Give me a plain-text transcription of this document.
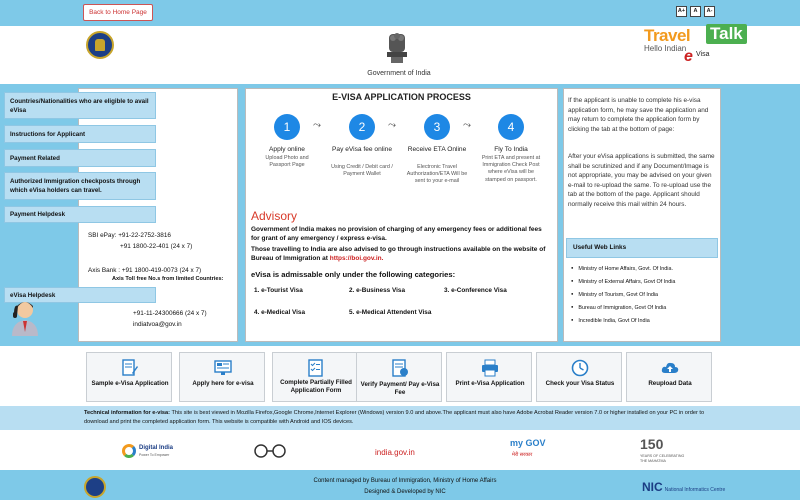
Back to Home Page	A+	A	A-
Government of India
Travel Talk
Hello Indian
e Visa
Countries/Nationalities who are eligible to avail eVisa
Instructions for Applicant
Payment Related
Authorized Immigration checkposts through which eVisa holders can travel.
Payment Helpdesk
SBI ePay: +91-22-2752-3816
+91 1800-22-401 (24 x 7)
Axis Bank : +91 1800-419-0073 (24 x 7)
Axis Toll free No.s from limited Countries:
eVisa Helpdesk
+91-11-24300666 (24 x 7)
indiatvoa@gov.in
E-VISA APPLICATION PROCESS
1
Apply online
Upload Photo and Passport Page
⤳	2
Pay eVisa fee online
Using Credit / Debit card / Payment Wallet
⤳	3
Receive ETA Online
Electronic Travel Authorization/ETA Will be sent to your e-mail
⤳	4
Fly To India
Print ETA and present at Immigration Check Post where eVisa will be stamped on passport.
Advisory
Government of India makes no provision of charging of any emergency fees or additional fees for grant of any emergency / express e-visa.
Those travelling to India are also advised to go through instructions available on the website of Bureau of Immigration at https://boi.gov.in.
eVisa is admissable only under the following categories:
1. e-Tourist Visa	2. e-Business Visa	3. e-Conference Visa
4. e-Medical Visa	5. e-Medical Attendent Visa
If the applicant is unable to complete his e-visa application form, he may save the application and may return to complete the application form by clicking the tab at the bottom of page:
After your eVisa applications is submitted, the same shall be scrutinized and if any Document/Image is not appropriate, you may be advised on your given e-mail to re-upload the same. To re-upload use the tab at the bottom of the page. Applicant should normally receive this mail within 24 hours.
Useful Web Links
● Ministry of Home Affairs, Govt. Of India.
● Ministry of External Affairs, Govt Of India
● Ministry of Tourism, Govt Of India
● Bureau of Immigration, Govt Of India
● Incredible India, Govt Of India
Sample e-Visa Application	Apply here for e-visa	Complete Partially Filled Application Form
Verify Payment/ Pay e-Visa Fee
Print e-Visa Application	Check your Visa Status	Reupload Data
Technical information for e-visa: This site is best viewed in Mozilla Firefox,Google Chrome,Internet Explorer (Windows) version 9.0 and above.The applicant must also have Adobe Acrobat Reader version 7.0 or higher installed on your PC in order to download and print the completed application form. This website is compatible with Android and IOS devices.
Digital India
Power To Empower	india.gov.in
my GOV
मेरी सरकार
150
YEARS OF CELEBRATING THE MAHATMA
Content managed by Bureau of Immigration, Ministry of Home Affairs
Designed & Developed by NIC	NIC National Informatics Centre
